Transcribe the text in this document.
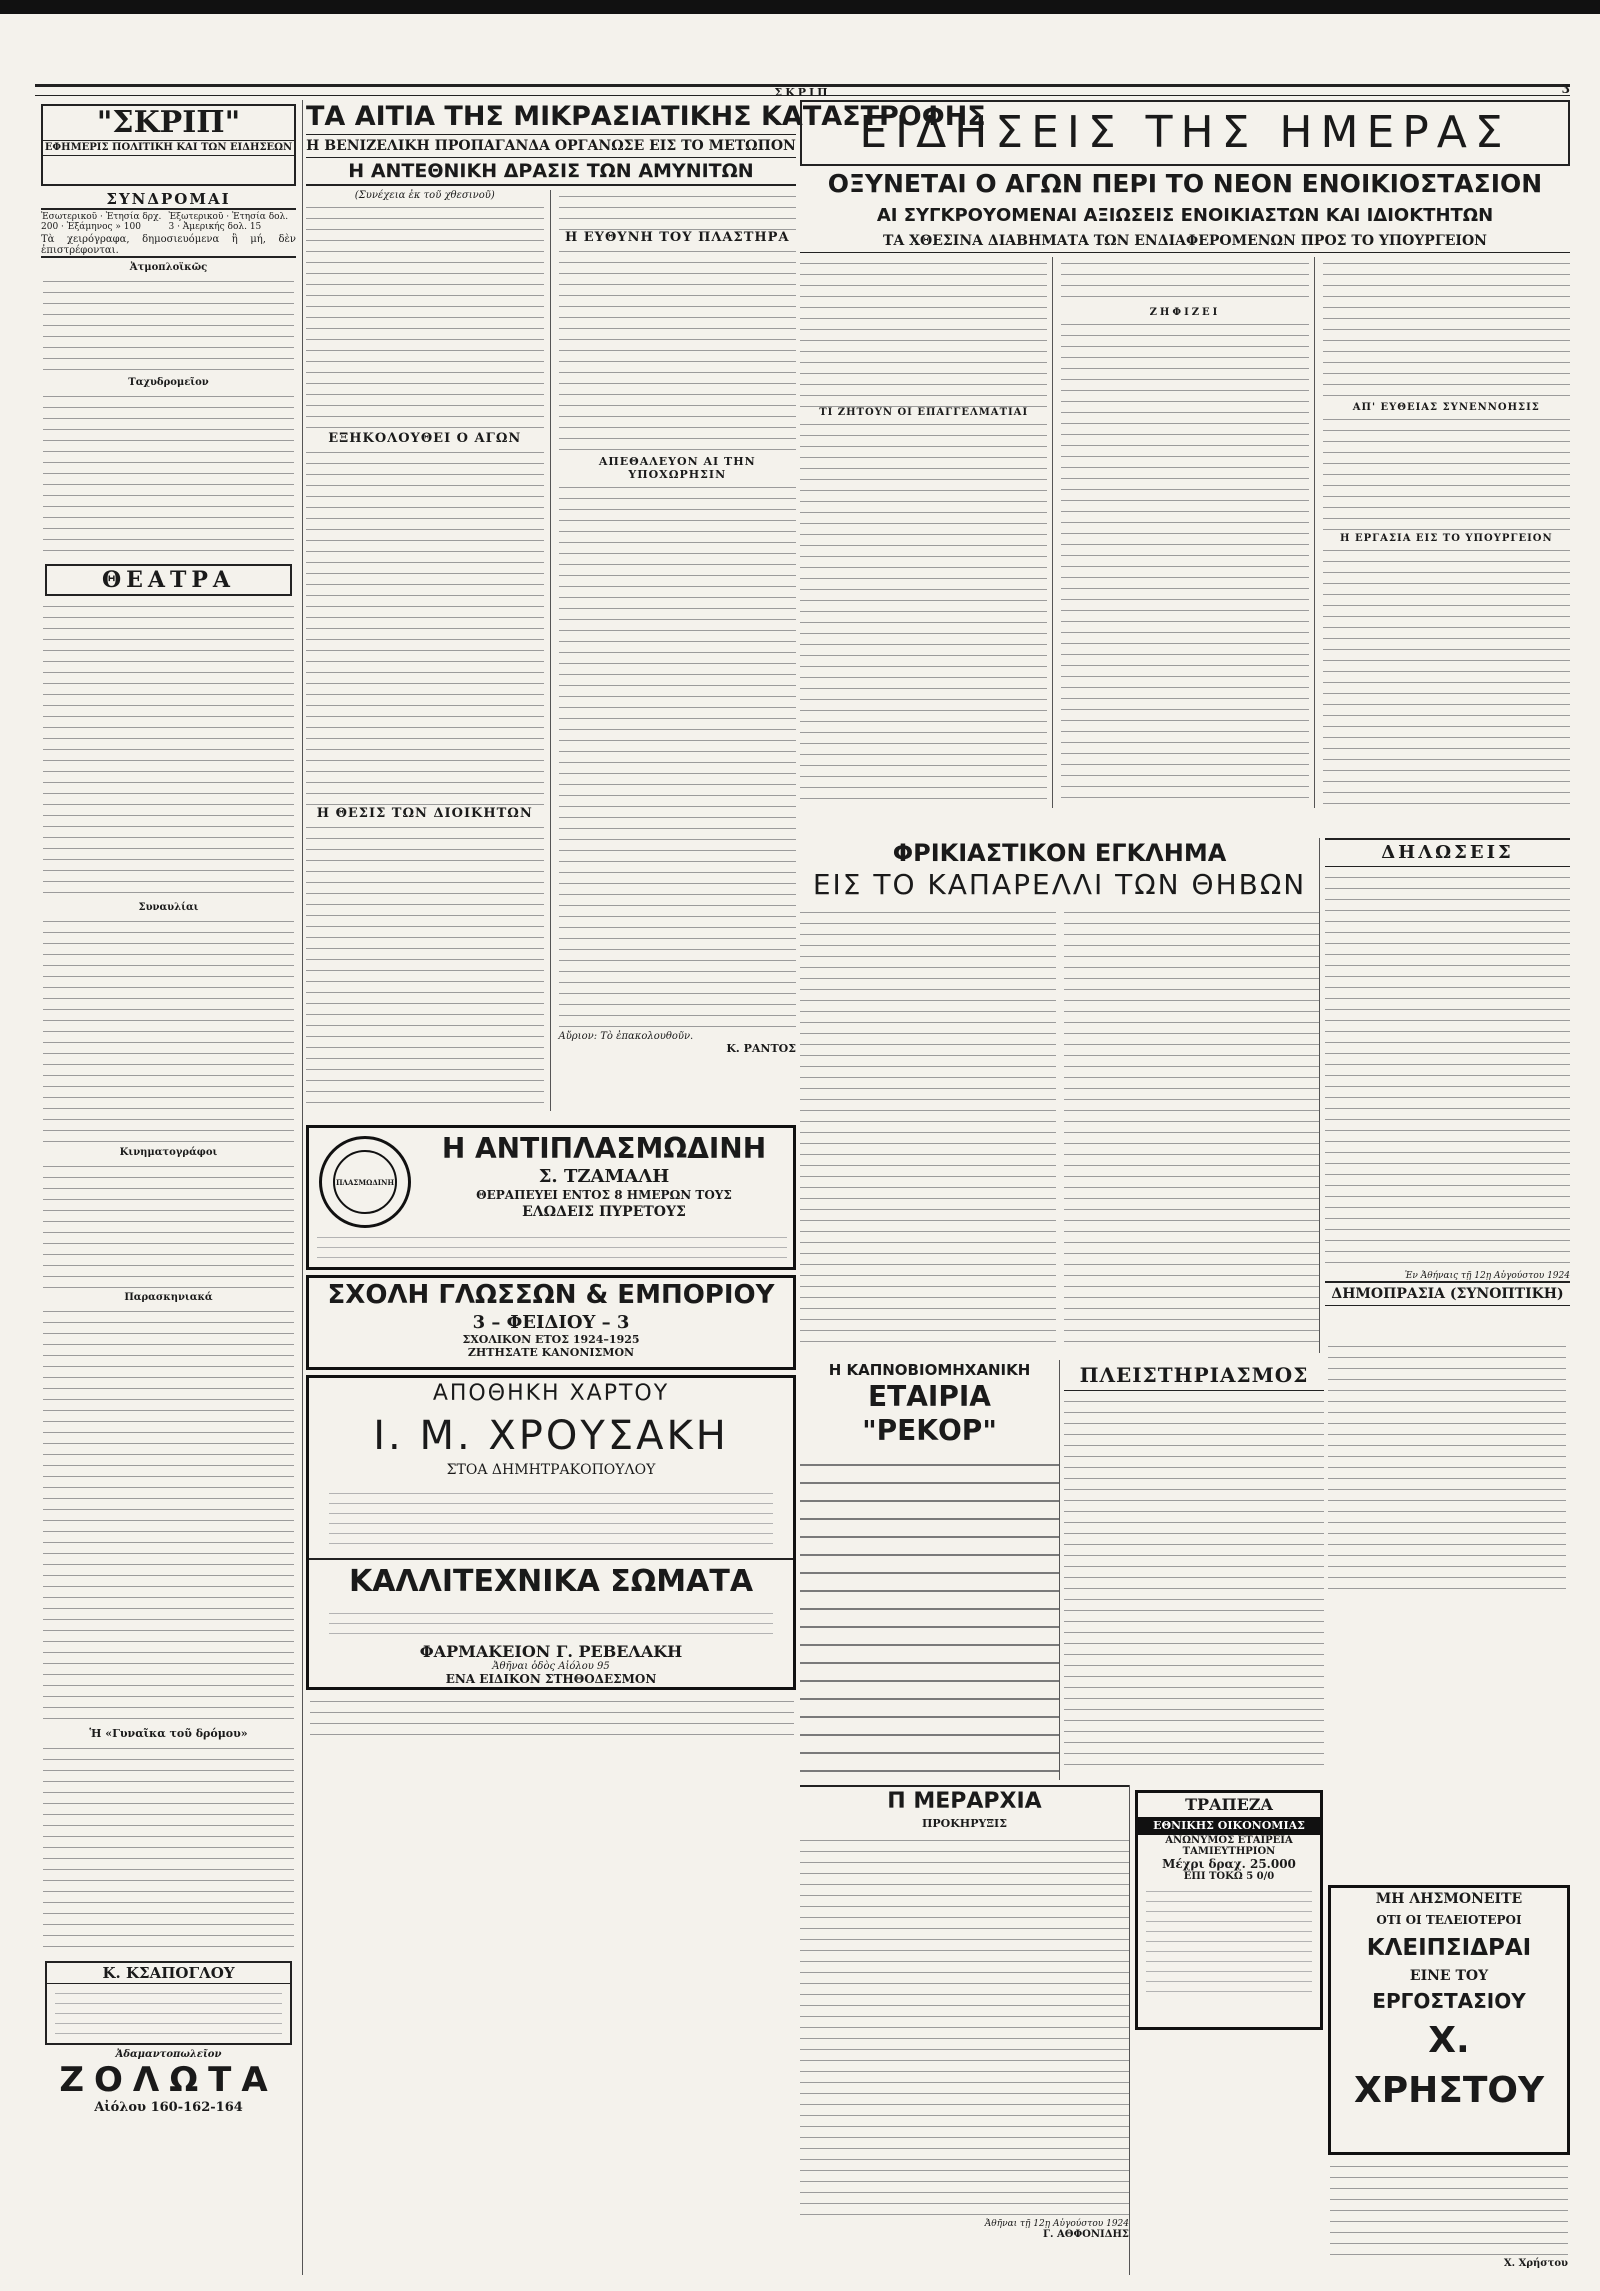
ΣΚΡΙΠ	3
"ΣΚΡΙΠ"
ΕΦΗΜΕΡΙΣ ΠΟΛΙΤΙΚΗ ΚΑΙ ΤΩΝ ΕΙΔΗΣΕΩΝ
ΣΥΝΔΡΟΜΑΙ
Ἐσωτερικοῦ · Ἐτησία δρχ. 200 · Ἑξάμηνος » 100
Ἐξωτερικοῦ · Ἐτησία δολ. 3 · Ἀμερικής δολ. 15
Τὰ χειρόγραφα, δημοσιευόμενα ἢ μή, δὲν ἐπιστρέφονται.
Ἀτμοπλοϊκῶς
Ταχυδρομεῖον
ΘΕΑΤΡΑ
Συναυλίαι
Κινηματογράφοι
Παρασκηνιακά
Ἡ «Γυναῖκα τοῦ δρόμου»
Κ. ΚΣΑΠΟΓΛΟΥ
Ἀδαμαντοπωλεῖον
ΖΟΛΩΤΑ
Αἰόλου 160-162-164
ΤΑ ΑΙΤΙΑ ΤΗΣ ΜΙΚΡΑΣΙΑΤΙΚΗΣ ΚΑΤΑΣΤΡΟΦΗΣ
Η ΒΕΝΙΖΕΛΙΚΗ ΠΡΟΠΑΓΑΝΔΑ ΟΡΓΑΝΩΣΕ ΕΙΣ ΤΟ ΜΕΤΩΠΟΝ
Η ΑΝΤΕΘΝΙΚΗ ΔΡΑΣΙΣ ΤΩΝ ΑΜΥΝΙΤΩΝ
(Συνέχεια ἐκ τοῦ χθεσινοῦ)
ΕΞΗΚΟΛΟΥΘΕΙ Ο ΑΓΩΝ
Η ΘΕΣΙΣ ΤΩΝ ΔΙΟΙΚΗΤΩΝ
Η ΕΥΘΥΝΗ ΤΟΥ ΠΛΑΣΤΗΡΑ
ΑΠΕΘΑΛΕΥΟΝ ΑΙ ΤΗΝ ΥΠΟΧΩΡΗΣΙΝ
Αὔριον: Τὸ ἐπακολουθοῦν.
Κ. ΡΑΝΤΟΣ
ΕΙΔΗΣΕΙΣ ΤΗΣ ΗΜΕΡΑΣ
ΟΞΥΝΕΤΑΙ Ο ΑΓΩΝ ΠΕΡΙ ΤΟ ΝΕΟΝ ΕΝΟΙΚΙΟΣΤΑΣΙΟΝ
ΑΙ ΣΥΓΚΡΟΥΟΜΕΝΑΙ ΑΞΙΩΣΕΙΣ ΕΝΟΙΚΙΑΣΤΩΝ ΚΑΙ ΙΔΙΟΚΤΗΤΩΝ
ΤΑ ΧΘΕΣΙΝΑ ΔΙΑΒΗΜΑΤΑ ΤΩΝ ΕΝΔΙΑΦΕΡΟΜΕΝΩΝ ΠΡΟΣ ΤΟ ΥΠΟΥΡΓΕΙΟΝ
ΤΙ ΖΗΤΟΥΝ ΟΙ ΕΠΑΓΓΕΛΜΑΤΙΑΙ
ΖΗΦΙΖΕΙ
ΑΠ' ΕΥΘΕΙΑΣ ΣΥΝΕΝΝΟΗΣΙΣ
Η ΕΡΓΑΣΙΑ ΕΙΣ ΤΟ ΥΠΟΥΡΓΕΙΟΝ
ΦΡΙΚΙΑΣΤΙΚΟΝ ΕΓΚΛΗΜΑ
ΕΙΣ ΤΟ ΚΑΠΑΡΕΛΛΙ ΤΩΝ ΘΗΒΩΝ
ΔΗΛΩΣΕΙΣ
Ἐν Ἀθήναις τῇ 12ῃ Αὐγούστου 1924
ΔΗΜΟΠΡΑΣΙΑ (ΣΥΝΟΠΤΙΚΗ)
ΠΛΑΣΜΩΔΙΝΗ
Η ΑΝΤΙΠΛΑΣΜΩΔΙΝΗ
Σ. ΤΖΑΜΑΛΗ
ΘΕΡΑΠΕΥΕΙ ΕΝΤΟΣ 8 ΗΜΕΡΩΝ ΤΟΥΣ
ΕΛΩΔΕΙΣ ΠΥΡΕΤΟΥΣ
ΣΧΟΛΗ ΓΛΩΣΣΩΝ & ΕΜΠΟΡΙΟΥ
3 – ΦΕΙΔΙΟΥ – 3
ΣΧΟΛΙΚΟΝ ΕΤΟΣ 1924–1925
ΖΗΤΗΣΑΤΕ ΚΑΝΟΝΙΣΜΟΝ
ΑΠΟΘΗΚΗ ΧΑΡΤΟΥ
Ι. Μ. ΧΡΟΥΣΑΚΗ
ΣΤΟΑ ΔΗΜΗΤΡΑΚΟΠΟΥΛΟΥ
ΚΑΛΛΙΤΕΧΝΙΚΑ ΣΩΜΑΤΑ
ΦΑΡΜΑΚΕΙΟΝ Γ. ΡΕΒΕΛΑΚΗ
Ἀθῆναι ὁδὸς Αἰόλου 95
ΕΝΑ ΕΙΔΙΚΟΝ ΣΤΗΘΟΔΕΣΜΟΝ
Η ΚΑΠΝΟΒΙΟΜΗΧΑΝΙΚΗ
ΕΤΑΙΡΙΑ "ΡΕΚΟΡ"
ΠΛΕΙΣΤΗΡΙΑΣΜΟΣ
Π ΜΕΡΑΡΧΙΑ
ΠΡΟΚΗΡΥΞΙΣ
Ἀθῆναι τῇ 12ῃ Αὐγούστου 1924
Γ. ΑΘΦΟΝΙΔΗΣ
ΤΡΑΠΕΖΑ
ΕΘΝΙΚΗΣ ΟΙΚΟΝΟΜΙΑΣ
ΑΝΩΝΥΜΟΣ ΕΤΑΙΡΕΙΑ
ΤΑΜΙΕΥΤΗΡΙΟΝ
Μέχρι δραχ. 25.000
ΕΠΙ ΤΟΚΩ 5 0/0
ΜΗ ΛΗΣΜΟΝΕΙΤΕ
ΟΤΙ ΟΙ ΤΕΛΕΙΟΤΕΡΟΙ
ΚΛΕΙΠΣΙΔΡΑΙ
ΕΙΝΕ ΤΟΥ
ΕΡΓΟΣΤΑΣΙΟΥ
Χ. ΧΡΗΣΤΟΥ
Χ. Χρήστου
